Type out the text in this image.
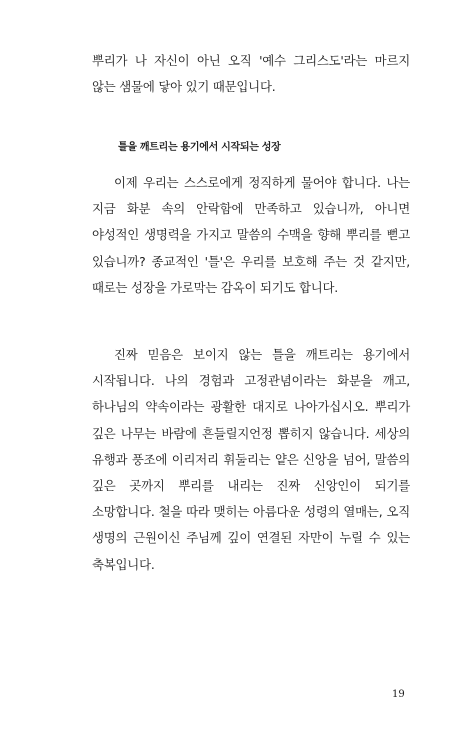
뿌리가 나 자신이 아닌 오직 '예수 그리스도'라는 마르지 않는 샘물에 닿아 있기 때문입니다.

틀을 깨트리는 용기에서 시작되는 성장

이제 우리는 스스로에게 정직하게 물어야 합니다. 나는 지금 화분 속의 안락함에 만족하고 있습니까, 아니면 야성적인 생명력을 가지고 말씀의 수맥을 향해 뿌리를 뻗고 있습니까? 종교적인 '틀'은 우리를 보호해 주는 것 같지만, 때로는 성장을 가로막는 감옥이 되기도 합니다.

진짜 믿음은 보이지 않는 틀을 깨트리는 용기에서 시작됩니다. 나의 경험과 고정관념이라는 화분을 깨고, 하나님의 약속이라는 광활한 대지로 나아가십시오. 뿌리가 깊은 나무는 바람에 흔들릴지언정 뽑히지 않습니다. 세상의 유행과 풍조에 이리저리 휘둘리는 얕은 신앙을 넘어, 말씀의 깊은 곳까지 뿌리를 내리는 진짜 신앙인이 되기를 소망합니다. 철을 따라 맺히는 아름다운 성령의 열매는, 오직 생명의 근원이신 주님께 깊이 연결된 자만이 누릴 수 있는 축복입니다.

19
